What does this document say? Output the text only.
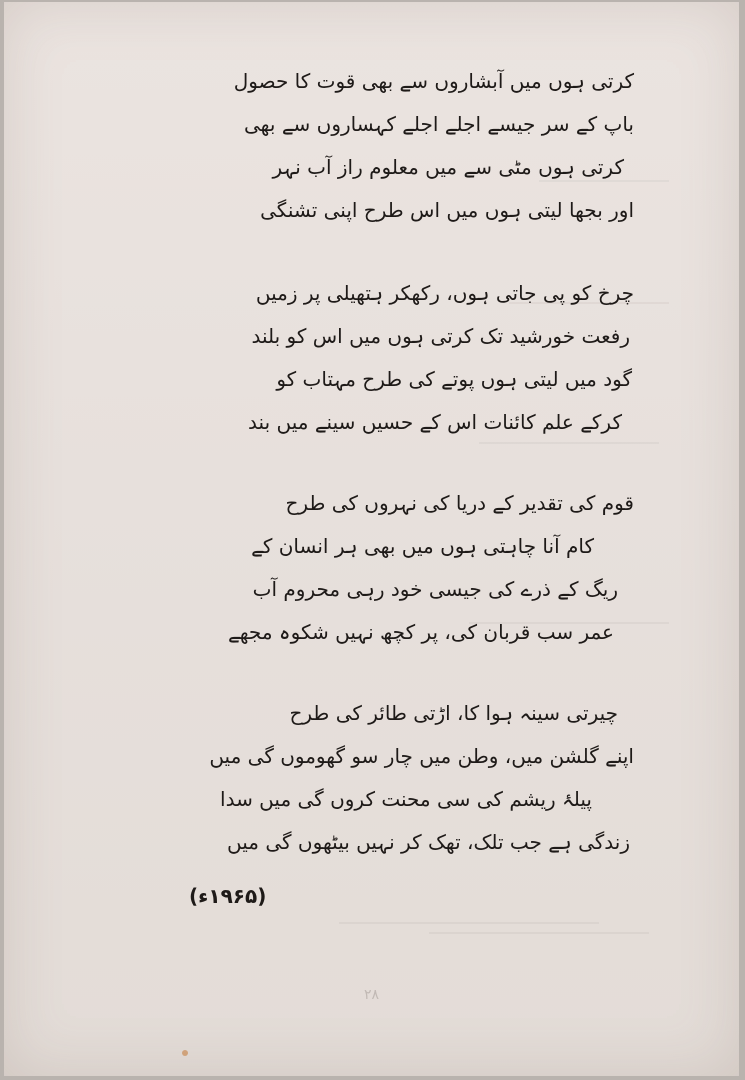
کرتی ہوں میں آبشاروں سے بھی قوت کا حصول
باپ کے سر جیسے اجلے اجلے کہساروں سے بھی
کرتی ہوں مٹی سے میں معلوم راز آب نہر
اور بجھا لیتی ہوں میں اس طرح اپنی تشنگی
چرخ کو پی جاتی ہوں، رکھکر ہتھیلی پر زمیں
رفعت خورشید تک کرتی ہوں میں اس کو بلند
گود میں لیتی ہوں پوتے کی طرح مہتاب کو
کرکے علم کائنات اس کے حسیں سینے میں بند
قوم کی تقدیر کے دریا کی نہروں کی طرح
کام آنا چاہتی ہوں میں بھی ہر انسان کے
ریگ کے ذرے کی جیسی خود رہی محروم آب
عمر سب قربان کی، پر کچھ نہیں شکوہ مجھے
چیرتی سینہ ہوا کا، اڑتی طائر کی طرح
اپنے گلشن میں، وطن میں چار سو گھوموں گی میں
پیلۂ ریشم کی سی محنت کروں گی میں سدا
زندگی ہے جب تلک، تھک کر نہیں بیٹھوں گی میں
(۱۹۶۵ء)
۲۸
